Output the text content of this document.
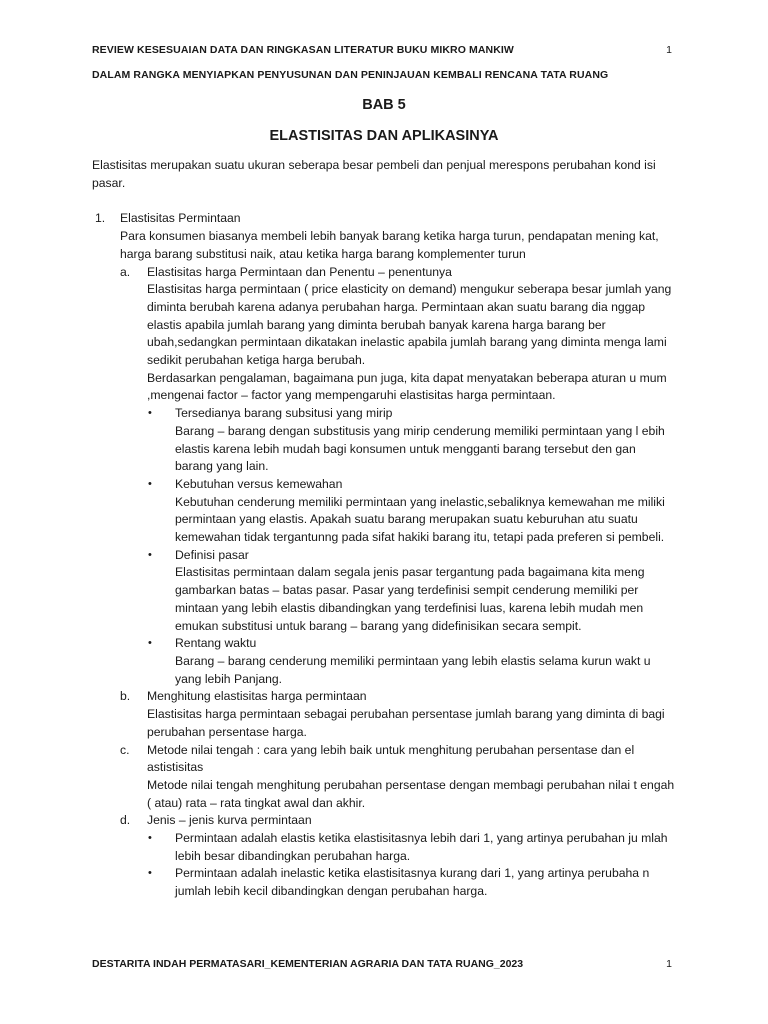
REVIEW KESESUAIAN DATA DAN RINGKASAN LITERATUR BUKU MIKRO MANKIW	1
DALAM RANGKA MENYIAPKAN PENYUSUNAN DAN PENINJAUAN KEMBALI RENCANA TATA RUANG
BAB 5
ELASTISITAS DAN APLIKASINYA

Elastisitas merupakan suatu ukuran seberapa besar pembeli dan penjual merespons perubahan kond isi pasar.

1. Elastisitas Permintaan
Para konsumen biasanya membeli lebih banyak barang ketika harga turun, pendapatan mening kat, harga barang substitusi naik, atau ketika harga barang komplementer turun
a. Elastisitas harga Permintaan dan Penentu – penentunya
Elastisitas harga permintaan ( price elasticity on demand) mengukur seberapa besar jumlah yang diminta berubah karena adanya perubahan harga. Permintaan akan suatu barang dia nggap elastis apabila jumlah barang yang diminta berubah banyak karena harga barang ber ubah,sedangkan permintaan dikatakan inelastic apabila jumlah barang yang diminta menga lami sedikit perubahan ketiga harga berubah.
Berdasarkan pengalaman, bagaimana pun juga, kita dapat menyatakan beberapa aturan u mum ,mengenai factor – factor yang mempengaruhi elastisitas harga permintaan.
• Tersedianya barang subsitusi yang mirip
Barang – barang dengan substitusis yang mirip cenderung memiliki permintaan yang l ebih elastis karena lebih mudah bagi konsumen untuk mengganti barang tersebut den gan barang yang lain.
• Kebutuhan versus kemewahan
Kebutuhan cenderung memiliki permintaan yang inelastic,sebaliknya kemewahan me miliki permintaan yang elastis. Apakah suatu barang merupakan suatu keburuhan atu suatu kemewahan tidak tergantunng pada sifat hakiki barang itu, tetapi pada preferen si pembeli.
• Definisi pasar
Elastisitas permintaan dalam segala jenis pasar tergantung pada bagaimana kita meng gambarkan batas – batas pasar. Pasar yang terdefinisi sempit cenderung memiliki per mintaan yang lebih elastis dibandingkan yang terdefinisi luas, karena lebih mudah men emukan substitusi untuk barang – barang yang didefinisikan secara sempit.
• Rentang waktu
Barang – barang cenderung memiliki permintaan yang lebih elastis selama kurun wakt u yang lebih Panjang.
b. Menghitung elastisitas harga permintaan
Elastisitas harga permintaan sebagai perubahan persentase jumlah barang yang diminta di bagi perubahan persentase harga.
c. Metode nilai tengah : cara yang lebih baik untuk menghitung perubahan persentase dan el astistisitas
Metode nilai tengah menghitung perubahan persentase dengan membagi perubahan nilai t engah ( atau) rata – rata tingkat awal dan akhir.
d. Jenis – jenis kurva permintaan
• Permintaan adalah elastis ketika elastisitasnya lebih dari 1, yang artinya perubahan ju mlah lebih besar dibandingkan perubahan harga.
• Permintaan adalah inelastic ketika elastisitasnya kurang dari 1, yang artinya perubaha n jumlah lebih kecil dibandingkan dengan perubahan harga.
DESTARITA INDAH PERMATASARI_KEMENTERIAN AGRARIA DAN TATA RUANG_2023	1
